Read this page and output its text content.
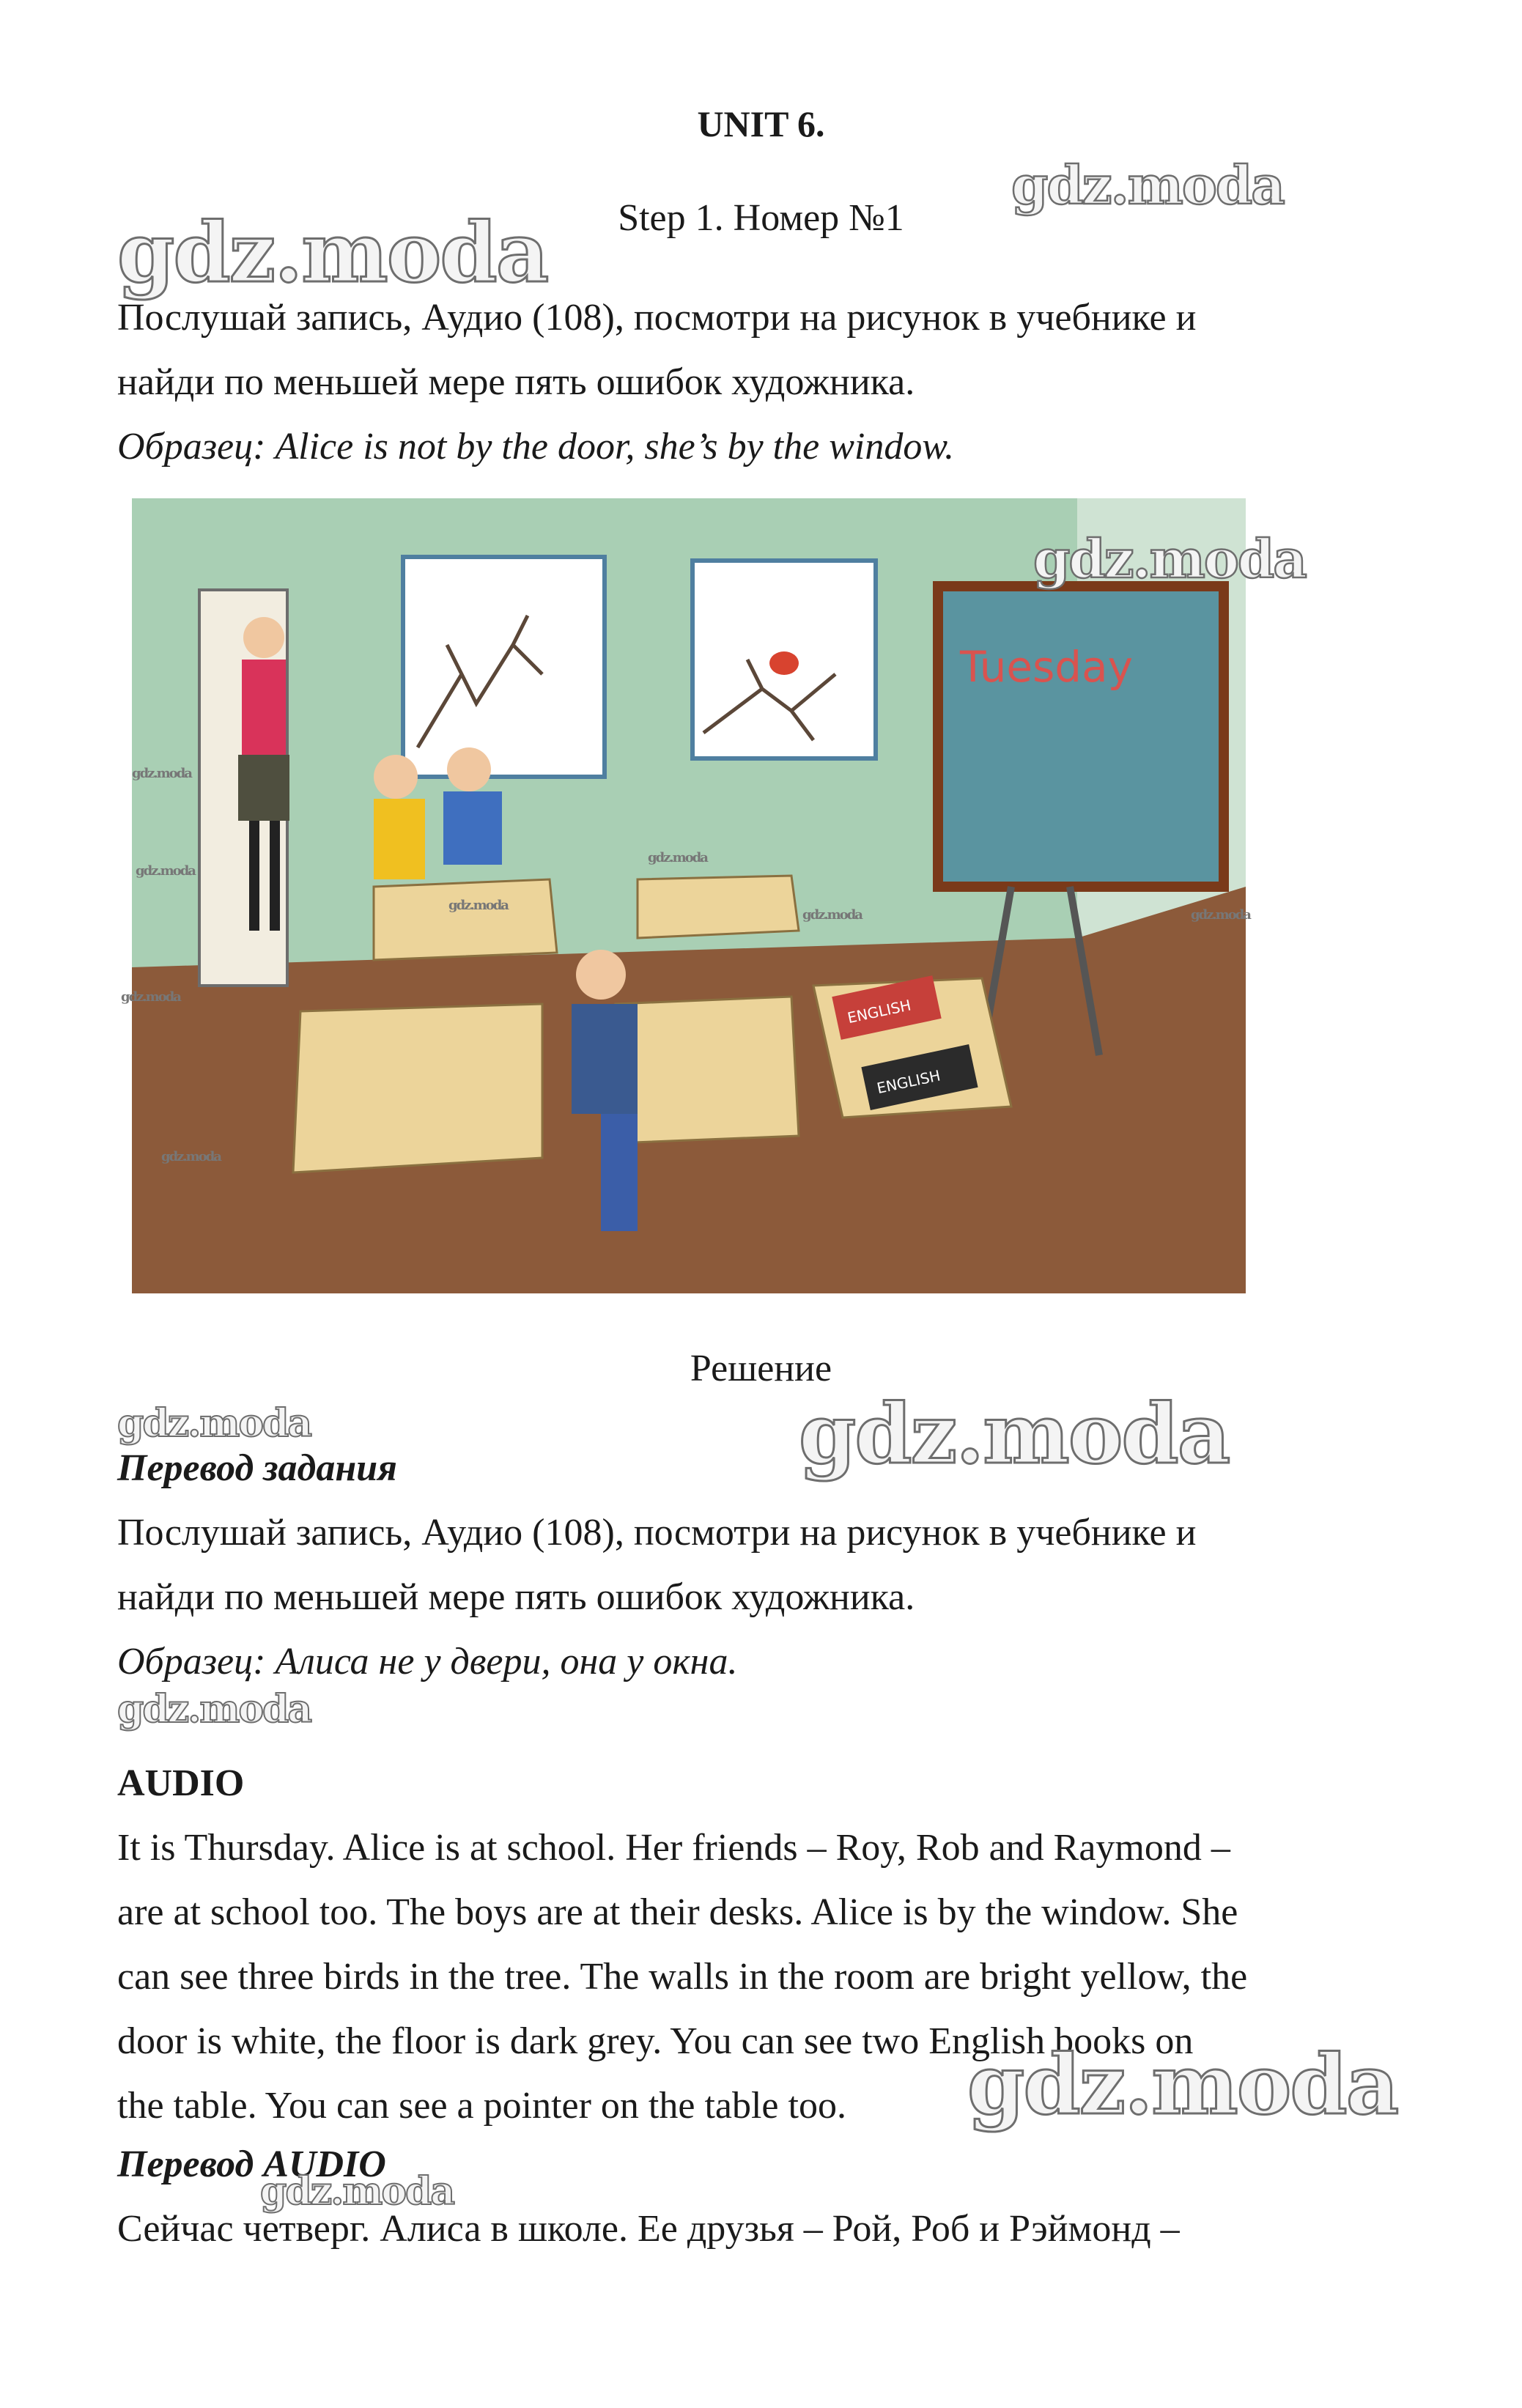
UNIT 6.
Step 1. Номер №1
Послушай запись, Аудио (108), посмотри на рисунок в учебнике и
найди по меньшей мере пять ошибок художника.
Образец: Alice is not by the door, she’s by the window.
Tuesday
ENGLISH
ENGLISH
Решение
Перевод задания
Послушай запись, Аудио (108), посмотри на рисунок в учебнике и
найди по меньшей мере пять ошибок художника.
Образец: Алиса не у двери, она у окна.
AUDIO
It is Thursday. Alice is at school. Her friends – Roy, Rob and Raymond –
are at school too. The boys are at their desks. Alice is by the window. She
can see three birds in the tree. The walls in the room are bright yellow, the
door is white, the floor is dark grey. You can see two English books on
the table. You can see a pointer on the table too.
Перевод AUDIO
Сейчас четверг. Алиса в школе. Ее друзья – Рой, Роб и Рэймонд –
gdz.moda
gdz.moda
gdz.moda
gdz.moda
gdz.moda
gdz.moda
gdz.moda
gdz.moda	gdz.moda
gdz.moda
gdz.moda
gdz.moda	gdz.moda
gdz.moda
gdz.moda
gdz.moda
